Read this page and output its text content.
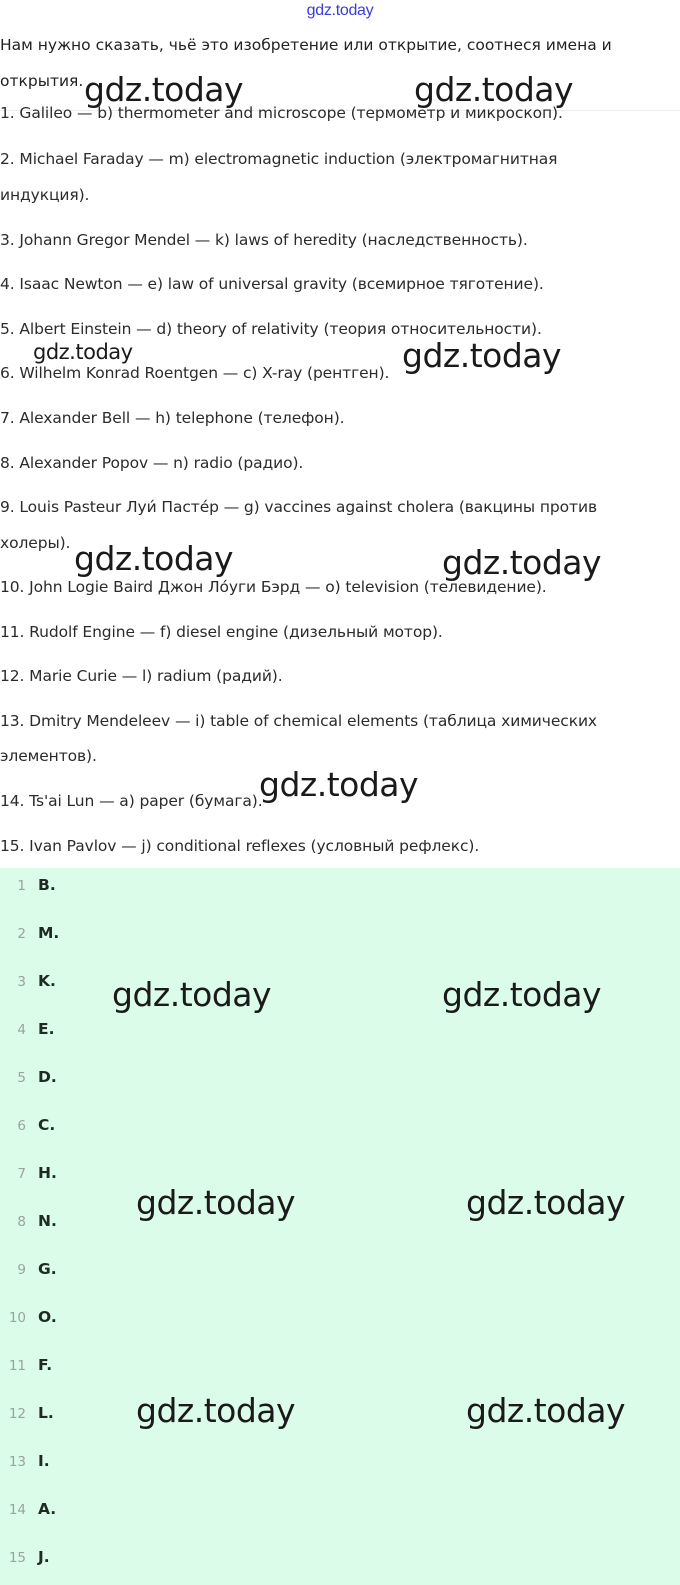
gdz.today
Нам нужно сказать, чьё это изобретение или открытие, соотнеся имена и
открытия.
1. Galileo — b) thermometer and microscope (термометр и микроскоп).
2. Michael Faraday — m) electromagnetic induction (электромагнитная
индукция).
3. Johann Gregor Mendel — k) laws of heredity (наследственность).
4. Isaac Newton — e) law of universal gravity (всемирное тяготение).
5. Albert Einstein — d) theory of relativity (теория относительности).
6. Wilhelm Konrad Roentgen — c) X-ray (рентген).
7. Alexander Bell — h) telephone (телефон).
8. Alexander Popov — n) radio (радио).
9. Louis Pasteur Луи́ Пасте́р — g) vaccines against cholera (вакцины против
холеры).
10. John Logie Baird Джон Ло́уги Бэрд — o) television (телевидение).
11. Rudolf Engine — f) diesel engine (дизельный мотор).
12. Marie Curie — l) radium (радий).
13. Dmitry Mendeleev — i) table of chemical elements (таблица химических
элементов).
14. Ts'ai Lun — a) paper (бумага).
15. Ivan Pavlov — j) conditional reflexes (условный рефлекс).
1 B.
2 M.
3 K.
4 E.
5 D.
6 C.
7 H.
8 N.
9 G.
10 O.
11 F.
12 L.
13 I.
14 A.
15 J.
gdz.today	gdz.today
gdz.today	gdz.today
gdz.today	gdz.today
gdz.today
gdz.today	gdz.today
gdz.today	gdz.today
gdz.today	gdz.today
